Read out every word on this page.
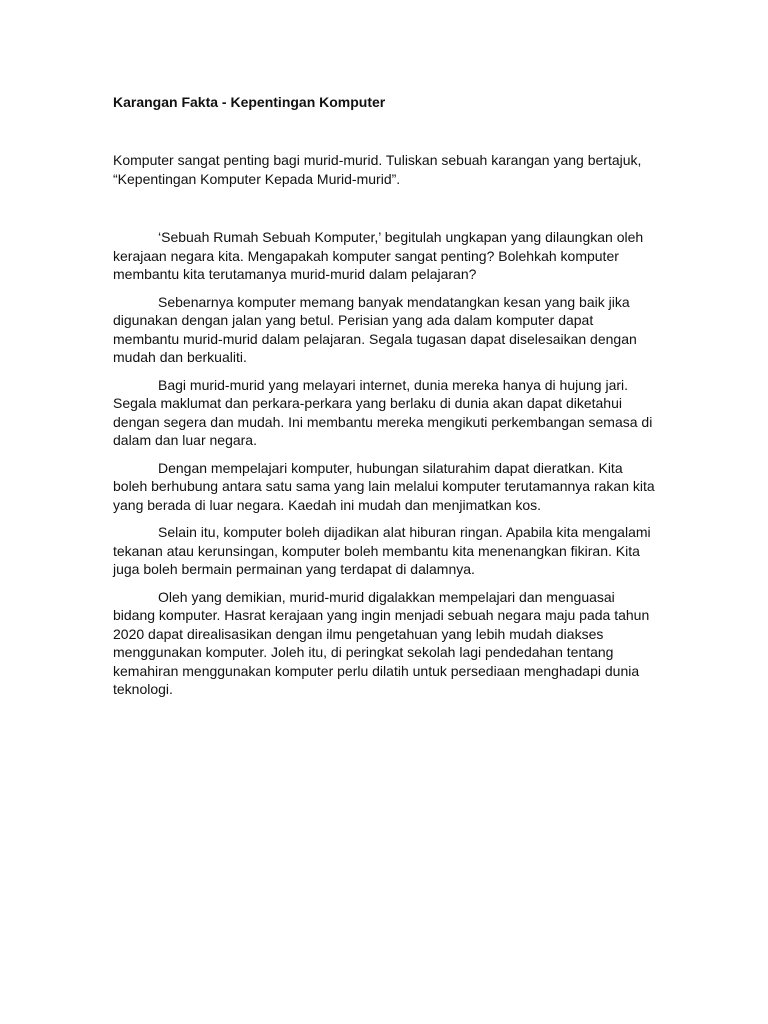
Karangan Fakta - Kepentingan Komputer

Komputer sangat penting bagi murid-murid. Tuliskan sebuah karangan yang bertajuk, “Kepentingan Komputer Kepada Murid-murid”.

‘Sebuah Rumah Sebuah Komputer,’ begitulah ungkapan yang dilaungkan oleh kerajaan negara kita. Mengapakah komputer sangat penting? Bolehkah komputer membantu kita terutamanya murid-murid dalam pelajaran?

Sebenarnya komputer memang banyak mendatangkan kesan yang baik jika digunakan dengan jalan yang betul. Perisian yang ada dalam komputer dapat membantu murid-murid dalam pelajaran. Segala tugasan dapat diselesaikan dengan mudah dan berkualiti.

Bagi murid-murid yang melayari internet, dunia mereka hanya di hujung jari. Segala maklumat dan perkara-perkara yang berlaku di dunia akan dapat diketahui dengan segera dan mudah. Ini membantu mereka mengikuti perkembangan semasa di dalam dan luar negara.

Dengan mempelajari komputer, hubungan silaturahim dapat dieratkan. Kita boleh berhubung antara satu sama yang lain melalui komputer terutamannya rakan kita yang berada di luar negara. Kaedah ini mudah dan menjimatkan kos.

Selain itu, komputer boleh dijadikan alat hiburan ringan. Apabila kita mengalami tekanan atau kerunsingan, komputer boleh membantu kita menenangkan fikiran. Kita juga boleh bermain permainan yang terdapat di dalamnya.

Oleh yang demikian, murid-murid digalakkan mempelajari dan menguasai bidang komputer. Hasrat kerajaan yang ingin menjadi sebuah negara maju pada tahun 2020 dapat direalisasikan dengan ilmu pengetahuan yang lebih mudah diakses menggunakan komputer. Joleh itu, di peringkat sekolah lagi pendedahan tentang kemahiran menggunakan komputer perlu dilatih untuk persediaan menghadapi dunia teknologi.
